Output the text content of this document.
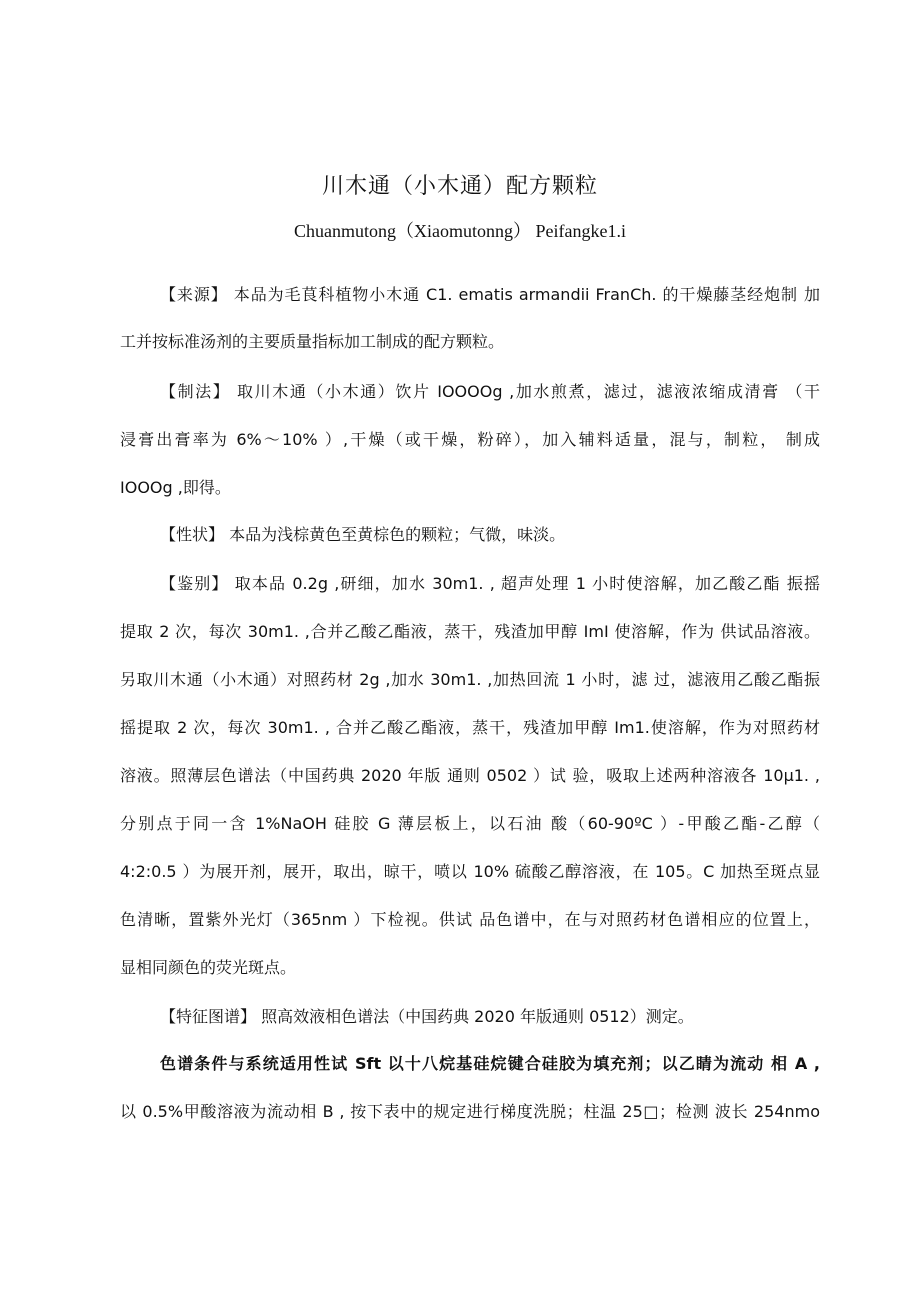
川木通（小木通）配方颗粒
Chuanmutong（Xiaomutonng） Peifangke1.i
【来源】 本品为毛茛科植物小木通 C1. ematis armandii FranCh. 的干燥藤茎经炮制 加
工并按标准汤剂的主要质量指标加工制成的配方颗粒。
【制法】 取川木通（小木通）饮片 IOOOOg ,加水煎煮，滤过，滤液浓缩成清膏 （干
浸膏出膏率为 6%～10% ）,干燥（或干燥，粉碎），加入辅料适量，混与，制粒， 制成
IOOOg ,即得。
【性状】 本品为浅棕黄色至黄棕色的颗粒；气微，味淡。
【鉴别】 取本品 0.2g ,研细，加水 30m1. , 超声处理 1 小时使溶解，加乙酸乙酯 振摇
提取 2 次，每次 30m1. ,合并乙酸乙酯液，蒸干，残渣加甲醇 ImI 使溶解，作为 供试品溶液。
另取川木通（小木通）对照药材 2g ,加水 30m1. ,加热回流 1 小时，滤 过，滤液用乙酸乙酯振
摇提取 2 次，每次 30m1. , 合并乙酸乙酯液，蒸干，残渣加甲醇 Im1.使溶解，作为对照药材
溶液。照薄层色谱法（中国药典 2020 年版 通则 0502 ）试 验，吸取上述两种溶液各 10μ1. ,
分别点于同一含 1%NaOH 硅胶 G 薄层板上，以石油 酸（60-90ºC ）-甲酸乙酯-乙醇（
4:2:0.5 ）为展开剂，展开，取出，晾干，喷以 10% 硫酸乙醇溶液，在 105。C 加热至斑点显
色清晰，置紫外光灯（365nm ）下检视。供试 品色谱中，在与对照药材色谱相应的位置上，
显相同颜色的荧光斑点。
【特征图谱】 照高效液相色谱法（中国药典 2020 年版通则 0512）测定。
色谱条件与系统适用性试 Sft 以十八烷基硅烷键合硅胶为填充剂；以乙睛为流动 相 A ,
以 0.5%甲酸溶液为流动相 B , 按下表中的规定进行梯度洗脱；柱温 25□；检测 波长 254nmo
